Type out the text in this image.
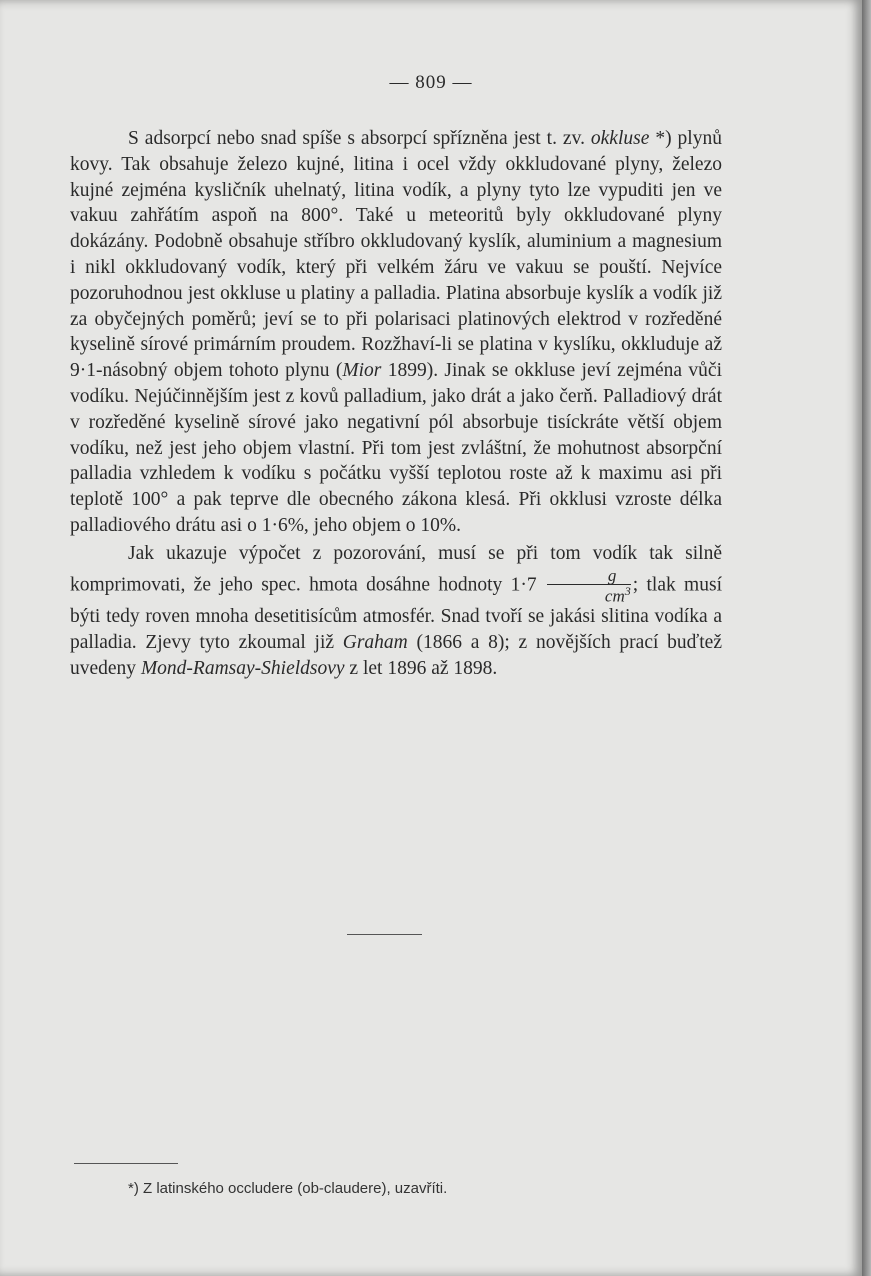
— 809 —

S adsorpcí nebo snad spíše s absorpcí spřízněna jest t. zv. okkluse *) plynů kovy. Tak obsahuje železo kujné, litina i ocel vždy okkludované plyny, železo kujné zejména kysličník uhelnatý, litina vodík, a plyny tyto lze vypuditi jen ve vakuu zahřátím aspoň na 800°. Také u meteoritů byly okkludované plyny dokázány. Podobně obsahuje stříbro okkludovaný kyslík, aluminium a magnesium i nikl okkludovaný vodík, který při velkém žáru ve vakuu se pouští. Nejvíce pozoruhodnou jest okkluse u platiny a palladia. Platina absorbuje kyslík a vodík již za obyčejných poměrů; jeví se to při polarisaci platinových elektrod v rozředěné kyselině sírové primárním proudem. Rozžhaví-li se platina v kyslíku, okkluduje až 9·1-násobný objem tohoto plynu (Mior 1899). Jinak se okkluse jeví zejména vůči vodíku. Nejúčinnějším jest z kovů palladium, jako drát a jako čerň. Palladiový drát v rozředěné kyselině sírové jako negativní pól absorbuje tisíckráte větší objem vodíku, než jest jeho objem vlastní. Při tom jest zvláštní, že mohutnost absorpční palladia vzhledem k vodíku s počátku vyšší teplotou roste až k maximu asi při teplotě 100° a pak teprve dle obecného zákona klesá. Při okklusi vzroste délka palladiového drátu asi o 1·6%, jeho objem o 10%.

Jak ukazuje výpočet z pozorování, musí se při tom vodík tak silně komprimovati, že jeho spec. hmota dosáhne hodnoty $1\cdot 7 \frac{g}{cm^3}$ ; tlak musí býti tedy roven mnoha desetitisícům atmosfér. Snad tvoří se jakási slitina vodíka a palladia. Zjevy tyto zkoumal již Graham (1866 a 8); z novějších prací buďtež uvedeny Mond-Ramsay-Shieldsovy z let 1896 až 1898.

*) Z latinského occludere (ob-claudere), uzavříti.
